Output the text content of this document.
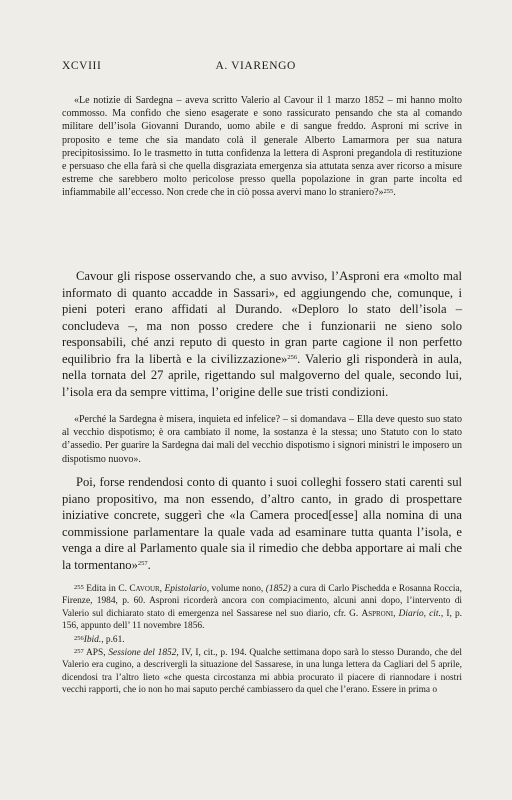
XCVIII	A. VIARENGO

«Le notizie di Sardegna – aveva scritto Valerio al Cavour il 1 marzo 1852 – mi hanno molto commosso. Ma confido che sieno esagerate e sono rassicurato pensando che sta al comando militare dell’isola Giovanni Durando, uomo abile e di sangue freddo. Asproni mi scrive in proposito e teme che sia mandato colà il generale Alberto Lamarmora per sua natura precipitosissimo. Io le trasmetto in tutta confidenza la lettera di Asproni pregandola di restituzione e persuaso che ella farà sì che quella disgraziata emergenza sia attutata senza aver ricorso a misure estreme che sarebbero molto pericolose presso quella popolazione in gran parte incolta ed infiammabile all’eccesso. Non crede che in ciò possa avervi mano lo straniero?»$^{255}$.

Cavour gli rispose osservando che, a suo avviso, l’Asproni era «molto mal informato di quanto accadde in Sassari», ed aggiungendo che, comunque, i pieni poteri erano affidati al Durando. «Deploro lo stato dell’isola – concludeva –, ma non posso credere che i funzionarii ne sieno solo responsabili, ché anzi reputo di questo in gran parte cagione il non perfetto equilibrio fra la libertà e la civilizzazione»$^{256}$. Valerio gli risponderà in aula, nella tornata del 27 aprile, rigettando sul malgoverno del quale, secondo lui, l’isola era da sempre vittima, l’origine delle sue tristi condizioni.

«Perché la Sardegna è misera, inquieta ed infelice? – si domandava – Ella deve questo suo stato al vecchio dispotismo; è ora cambiato il nome, la sostanza è la stessa; uno Statuto con lo stato d’assedio. Per guarire la Sardegna dai mali del vecchio dispotismo i signori ministri le imposero un dispotismo nuovo».

Poi, forse rendendosi conto di quanto i suoi colleghi fossero stati carenti sul piano propositivo, ma non essendo, d’altro canto, in grado di prospettare iniziative concrete, suggerì che «la Camera proced[esse] alla nomina di una commissione parlamentare la quale vada ad esaminare tutta quanta l’isola, e venga a dire al Parlamento quale sia il rimedio che debba apportare ai mali che la tormentano»$^{257}$.

$^{255}$ Edita in C. Cavour, Epistolario, volume nono, (1852) a cura di Carlo Pischedda e Rosanna Roccia, Firenze, 1984, p. 60. Asproni ricorderà ancora con compiacimento, alcuni anni dopo, l’intervento di Valerio sul dichiarato stato di emergenza nel Sassarese nel suo diario, cfr. G. Asproni, Diario, cit., I, p. 156, appunto dell’ 11 novembre 1856.

$^{256}$Ibid., p.61.

$^{257}$ APS, Sessione del 1852, IV, I, cit., p. 194. Qualche settimana dopo sarà lo stesso Durando, che del Valerio era cugino, a descrivergli la situazione del Sassarese, in una lunga lettera da Cagliari del 5 aprile, dicendosi tra l’altro lieto «che questa circostanza mi abbia procurato il piacere di riannodare i nostri vecchi rapporti, che io non ho mai saputo perché cambiassero da quel che l’erano. Essere in prima o
